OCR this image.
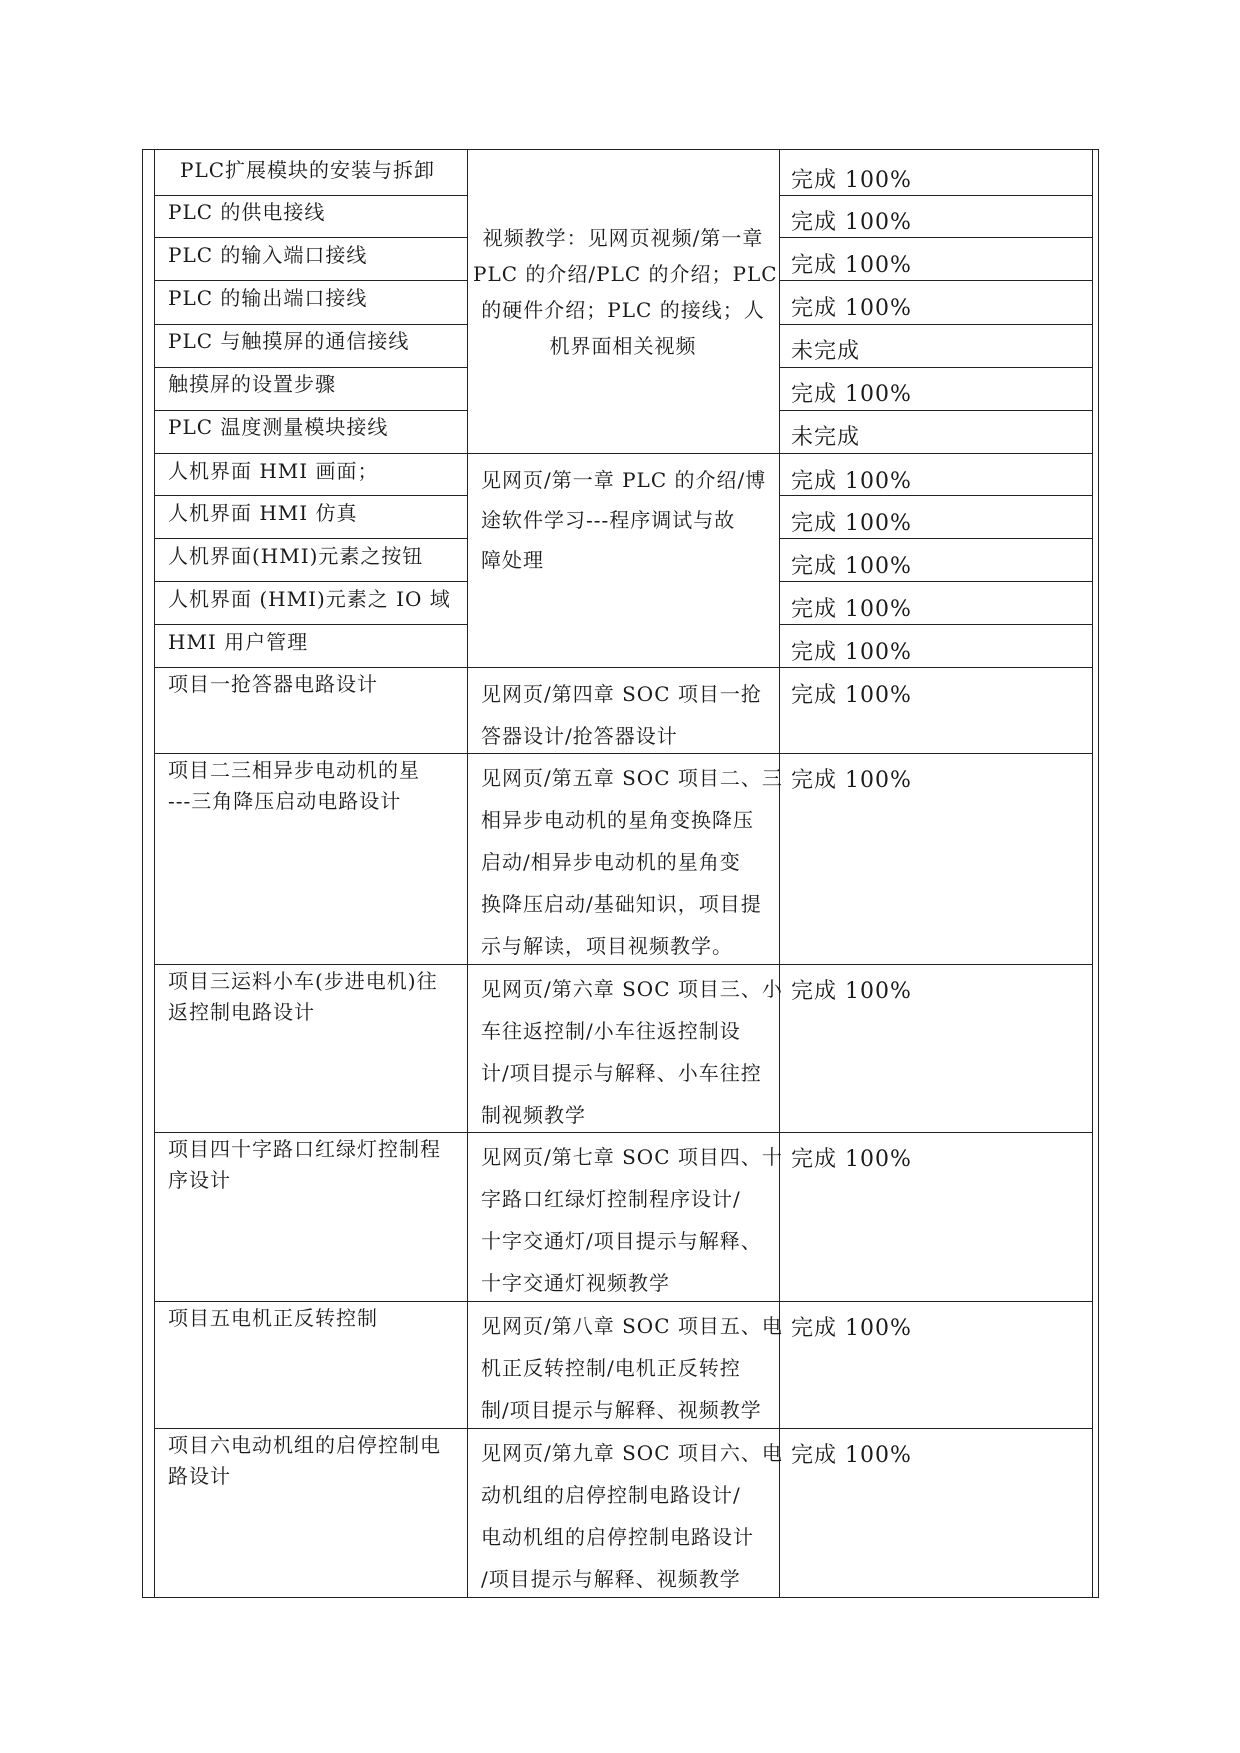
PLC扩展模块的安装与拆卸
PLC 的供电接线
PLC 的输入端口接线
PLC 的输出端口接线
PLC 与触摸屏的通信接线
触摸屏的设置步骤
PLC 温度测量模块接线
视频教学：见网页视频/第一章
PLC 的介绍/PLC 的介绍；PLC
的硬件介绍；PLC 的接线；人
机界面相关视频
完成 100%
完成 100%
完成 100%
完成 100%
未完成
完成 100%
未完成
人机界面 HMI 画面；
人机界面 HMI 仿真
人机界面(HMI)元素之按钮
人机界面 (HMI)元素之 IO 域
HMI 用户管理
见网页/第一章 PLC 的介绍/博
途软件学习---程序调试与故
障处理
完成 100%
完成 100%
完成 100%
完成 100%
完成 100%
项目一抢答器电路设计	见网页/第四章 SOC 项目一抢
答器设计/抢答器设计
完成 100%
项目二三相异步电动机的星
---三角降压启动电路设计
见网页/第五章 SOC 项目二、三
相异步电动机的星角变换降压
启动/相异步电动机的星角变
换降压启动/基础知识，项目提
示与解读，项目视频教学。
完成 100%
项目三运料小车(步进电机)往
返控制电路设计
见网页/第六章 SOC 项目三、小
车往返控制/小车往返控制设
计/项目提示与解释、小车往控
制视频教学
完成 100%
项目四十字路口红绿灯控制程
序设计
见网页/第七章 SOC 项目四、十
字路口红绿灯控制程序设计/
十字交通灯/项目提示与解释、
十字交通灯视频教学
完成 100%
项目五电机正反转控制	见网页/第八章 SOC 项目五、电
机正反转控制/电机正反转控
制/项目提示与解释、视频教学
完成 100%
项目六电动机组的启停控制电
路设计
见网页/第九章 SOC 项目六、电
动机组的启停控制电路设计/
电动机组的启停控制电路设计
/项目提示与解释、视频教学
完成 100%
